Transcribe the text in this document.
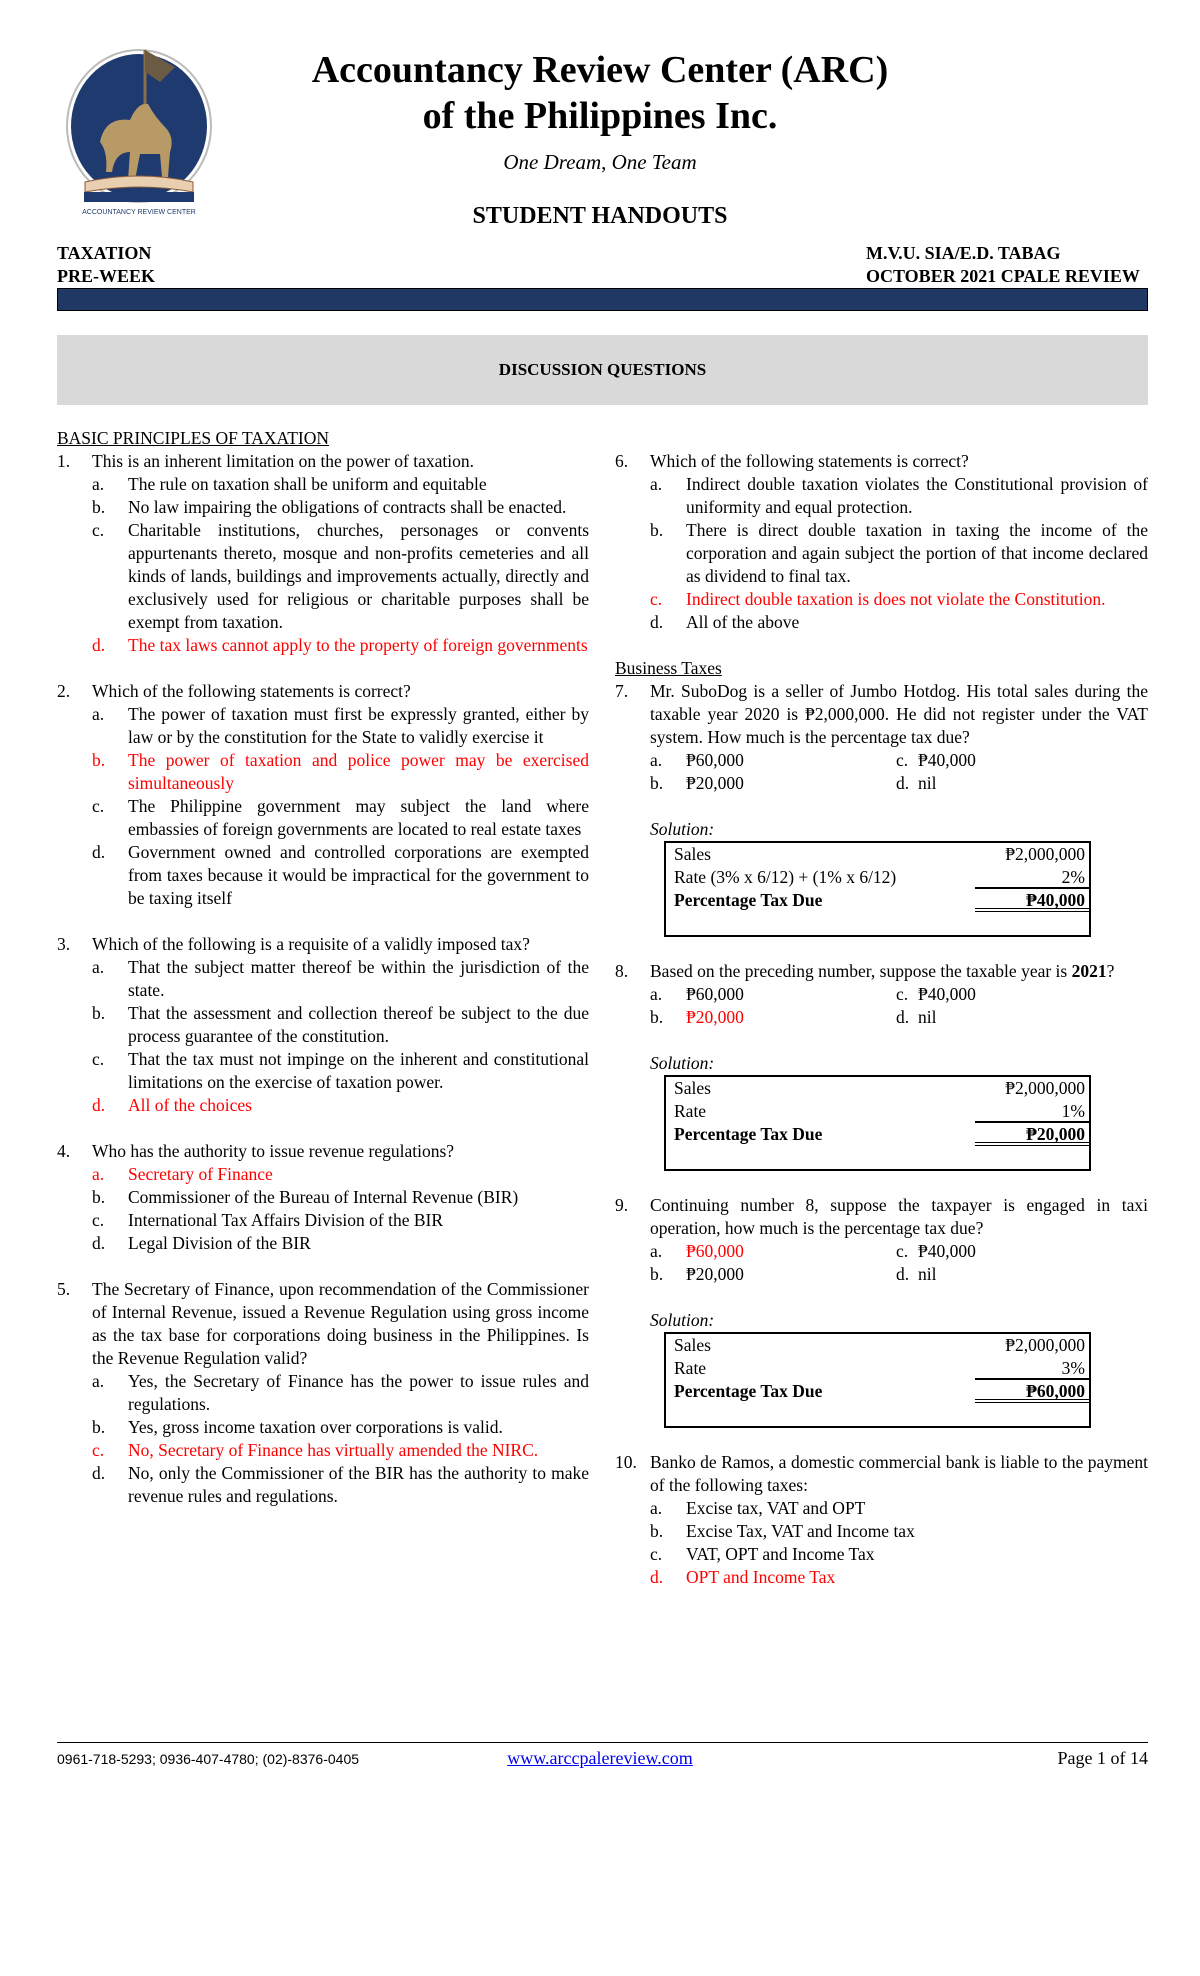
ACCOUNTANCY REVIEW CENTER
Accountancy Review Center (ARC)
of the Philippines Inc.
One Dream, One Team
STUDENT HANDOUTS
TAXATION
PRE-WEEK
M.V.U. SIA/E.D. TABAG
OCTOBER 2021 CPALE REVIEW
DISCUSSION QUESTIONS
BASIC PRINCIPLES OF TAXATION
1.	This is an inherent limitation on the power of taxation.
a.	The rule on taxation shall be uniform and equitable
b.	No law impairing the obligations of contracts shall be enacted.
c.	Charitable institutions, churches, personages or convents appurtenants thereto, mosque and non-profits cemeteries and all kinds of lands, buildings and improvements actually, directly and exclusively used for religious or charitable purposes shall be exempt from taxation.
d.	The tax laws cannot apply to the property of foreign governments
2.	Which of the following statements is correct?
a.	The power of taxation must first be expressly granted, either by law or by the constitution for the State to validly exercise it
b.	The power of taxation and police power may be exercised simultaneously
c.	The Philippine government may subject the land where embassies of foreign governments are located to real estate taxes
d.	Government owned and controlled corporations are exempted from taxes because it would be impractical for the government to be taxing itself
3.	Which of the following is a requisite of a validly imposed tax?
a.	That the subject matter thereof be within the jurisdiction of the state.
b.	That the assessment and collection thereof be subject to the due process guarantee of the constitution.
c.	That the tax must not impinge on the inherent and constitutional limitations on the exercise of taxation power.
d.	All of the choices
4.	Who has the authority to issue revenue regulations?
a.	Secretary of Finance
b.	Commissioner of the Bureau of Internal Revenue (BIR)
c.	International Tax Affairs Division of the BIR
d.	Legal Division of the BIR
5.	The Secretary of Finance, upon recommendation of the Commissioner of Internal Revenue, issued a Revenue Regulation using gross income as the tax base for corporations doing business in the Philippines. Is the Revenue Regulation valid?
a.	Yes, the Secretary of Finance has the power to issue rules and regulations.
b.	Yes, gross income taxation over corporations is valid.
c.	No, Secretary of Finance has virtually amended the NIRC.
d.	No, only the Commissioner of the BIR has the authority to make revenue rules and regulations.
6.	Which of the following statements is correct?
a.	Indirect double taxation violates the Constitutional provision of uniformity and equal protection.
b.	There is direct double taxation in taxing the income of the corporation and again subject the portion of that income declared as dividend to final tax.
c.	Indirect double taxation is does not violate the Constitution.
d.	All of the above
Business Taxes
7.	Mr. SuboDog is a seller of Jumbo Hotdog. His total sales during the taxable year 2020 is ₱2,000,000. He did not register under the VAT system. How much is the percentage tax due?
a.	₱60,000	c. ₱40,000
b.	₱20,000	d. nil
Solution:
Sales	₱2,000,000
Rate (3% x 6/12) + (1% x 6/12)	2%
Percentage Tax Due	₱40,000
8.	Based on the preceding number, suppose the taxable year is 2021?
a.	₱60,000	c. ₱40,000
b.	₱20,000	d. nil
Solution:
Sales	₱2,000,000
Rate	1%
Percentage Tax Due	₱20,000
9.	Continuing number 8, suppose the taxpayer is engaged in taxi operation, how much is the percentage tax due?
a.	₱60,000	c. ₱40,000
b.	₱20,000	d. nil
Solution:
Sales	₱2,000,000
Rate	3%
Percentage Tax Due	₱60,000
10. Banko de Ramos, a domestic commercial bank is liable to the payment of the following taxes:
a.	Excise tax, VAT and OPT
b.	Excise Tax, VAT and Income tax
c.	VAT, OPT and Income Tax
d.	OPT and Income Tax
0961-718-5293; 0936-407-4780; (02)-8376-0405	www.arccpalereview.com	Page 1 of 14
